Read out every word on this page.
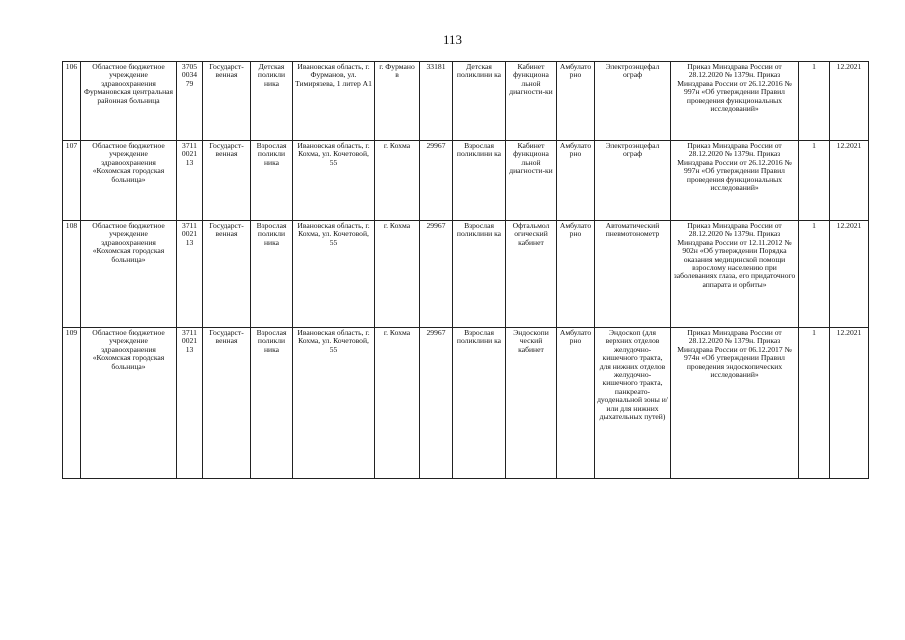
113
106	Областное бюджетное учреждение здравоохранения Фурмановская центральная районная больница	3705 0034 79	Государст-венная	Детская поликли ника	Ивановская область, г. Фурманов, ул. Тимирязева, 1 литер А1	г. Фурмано в	33181	Детская поликлини ка	Кабинет функциона льной диагности-ки	Амбулато рно	Электроэнцефал ограф	Приказ Минздрава России от 28.12.2020 № 1379н. Приказ Минздрава России от 26.12.2016 № 997н «Об утверждении Правил проведения функциональных исследований»	1	12.2021
107	Областное бюджетное учреждение здравоохранения «Кохомская городская больница»	3711 0021 13	Государст-венная	Взрослая поликли ника	Ивановская область, г. Кохма, ул. Кочетовой, 55	г. Кохма	29967	Взрослая поликлини ка	Кабинет функциона льной диагности-ки	Амбулато рно	Электроэнцефал ограф	Приказ Минздрава России от 28.12.2020 № 1379н. Приказ Минздрава России от 26.12.2016 № 997н «Об утверждении Правил проведения функциональных исследований»	1	12.2021
108	Областное бюджетное учреждение здравоохранения «Кохомская городская больница»	3711 0021 13	Государст-венная	Взрослая поликли ника	Ивановская область, г. Кохма, ул. Кочетовой, 55	г. Кохма	29967	Взрослая поликлини ка	Офтальмол огический кабинет	Амбулато рно	Автоматический пневмотонометр	Приказ Минздрава России от 28.12.2020 № 1379н. Приказ Минздрава России от 12.11.2012 № 902н «Об утверждении Порядка оказания медицинской помощи взрослому населению при заболеваниях глаза, его придаточного аппарата и орбиты»	1	12.2021
109	Областное бюджетное учреждение здравоохранения «Кохомская городская больница»	3711 0021 13	Государст-венная	Взрослая поликли ника	Ивановская область, г. Кохма, ул. Кочетовой, 55	г. Кохма	29967	Взрослая поликлини ка	Эндоскопи ческий кабинет	Амбулато рно	Эндоскоп (для верхних отделов желудочно-кишечного тракта, для нижних отделов желудочно-кишечного тракта, панкреато-дуоденальной зоны и/или для нижних дыхательных путей)	Приказ Минздрава России от 28.12.2020 № 1379н. Приказ Минздрава России от 06.12.2017 № 974н «Об утверждении Правил проведения эндоскопических исследований»	1	12.2021
